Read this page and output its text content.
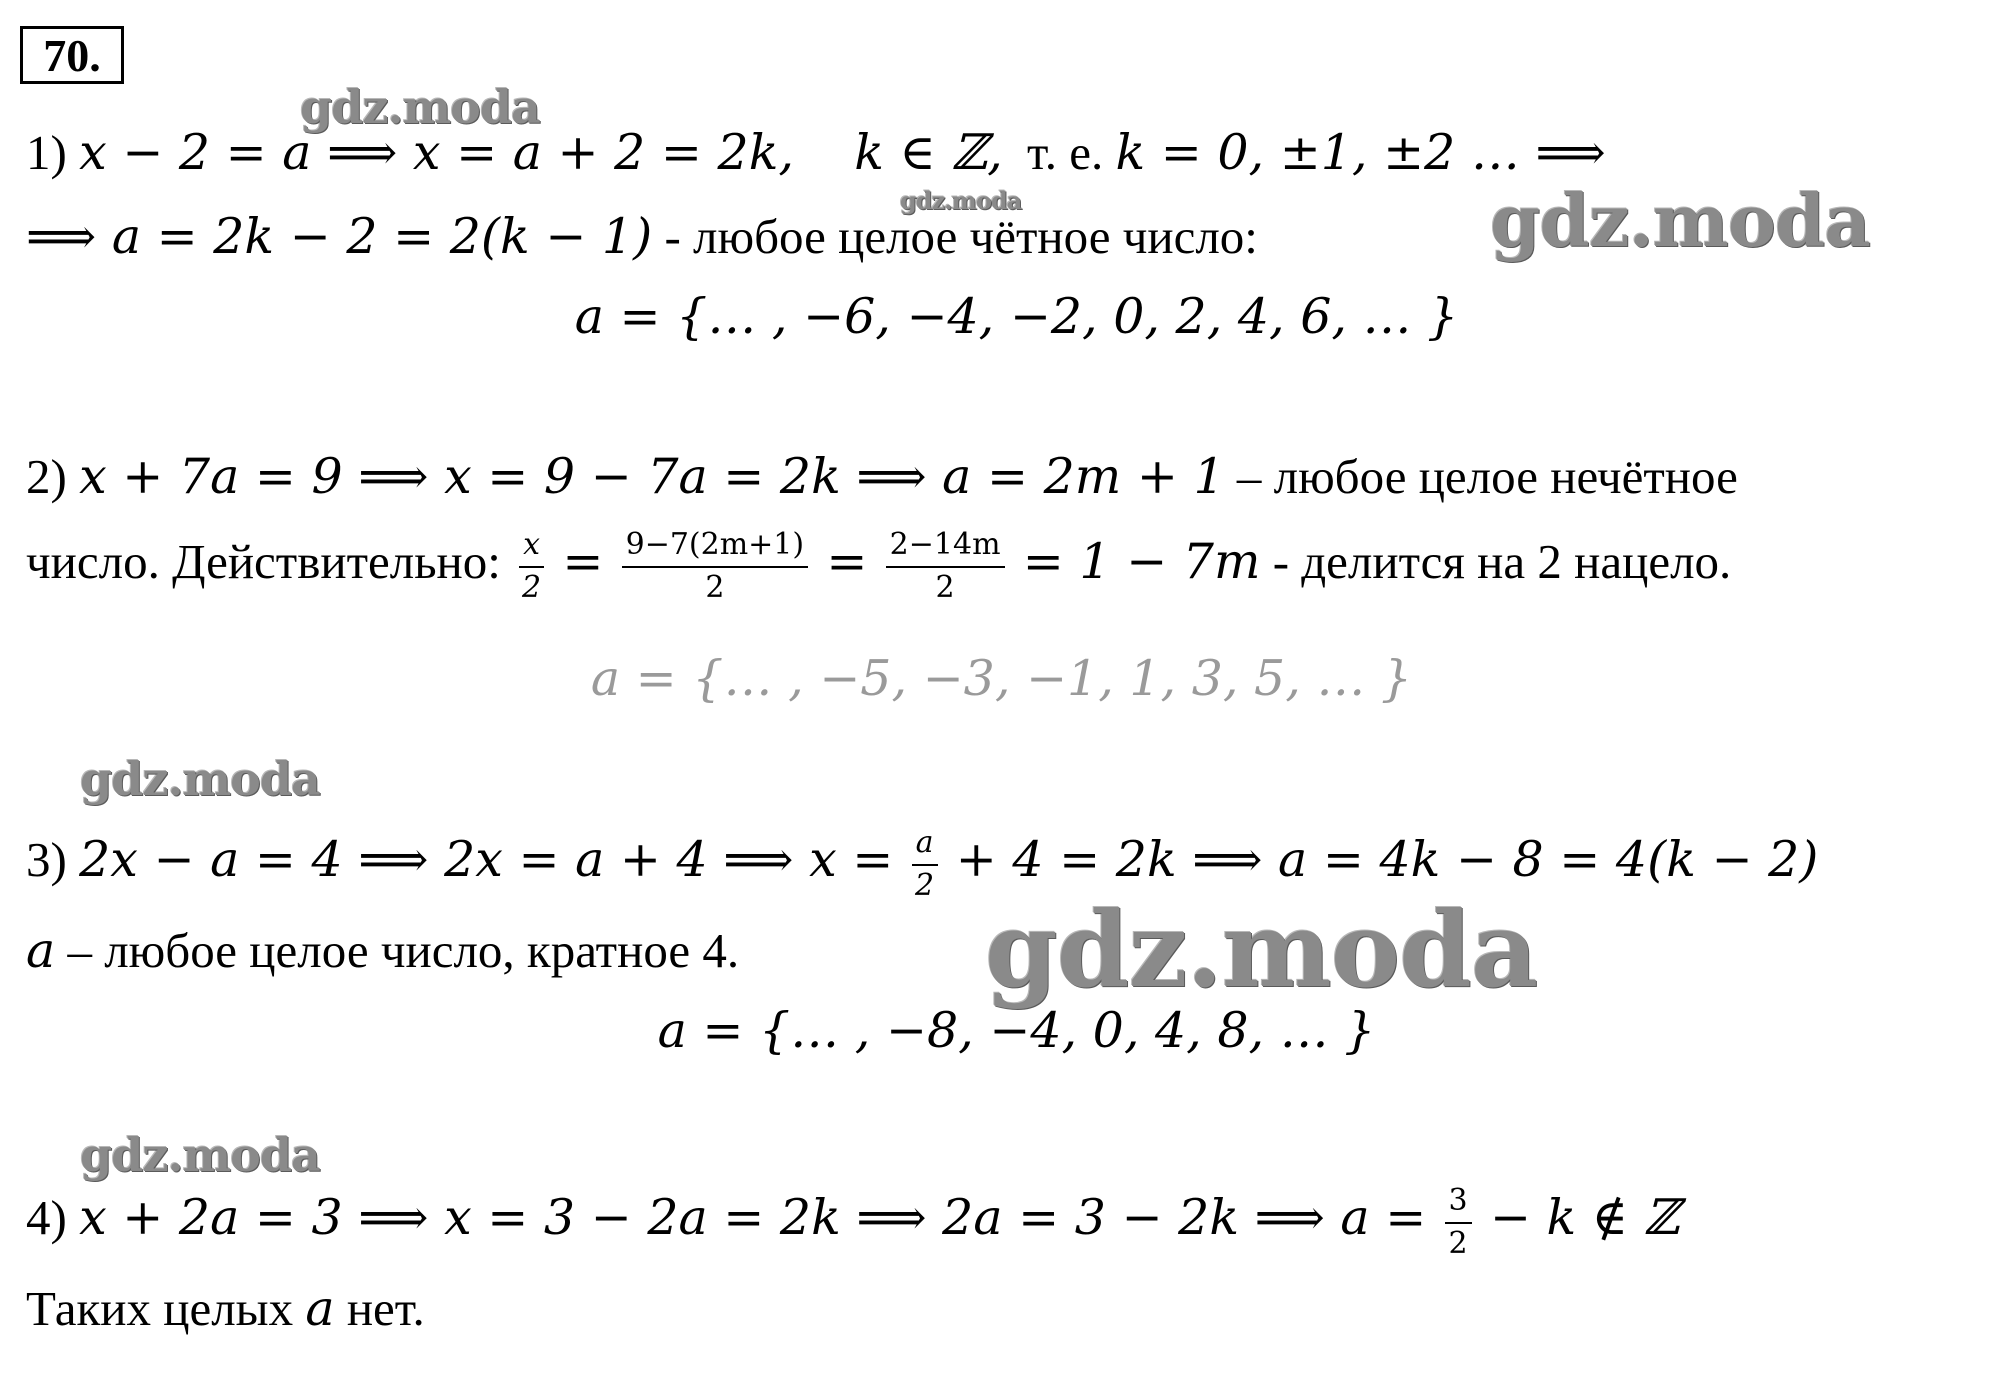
70.
gdz.moda
gdz.moda	gdz.moda
gdz.moda
gdz.moda
gdz.moda
1) x − 2 = a ⟹ x = a + 2 = 2k, k ∈ ℤ, т. е. k = 0, ±1, ±2 … ⟹
⟹ a = 2k − 2 = 2(k − 1) - любое целое чётное число:
a = {… , −6, −4, −2, 0, 2, 4, 6, … }
2) x + 7a = 9 ⟹ x = 9 − 7a = 2k ⟹ a = 2m + 1 – любое целое нечётное
число. Действительно: $\frac{x}{2} = \frac{9-7(2m+1)}{2} = \frac{2-14m}{2} = 1 - 7m$ - делится на 2 нацело.
a = {… , −5, −3, −1, 1, 3, 5, … }
3) 2x − a = 4 ⟹ 2x = a + 4 ⟹ $x = \frac{a}{2} + 4 = 2k$ ⟹ a = 4k − 8 = 4(k − 2)
a – любое целое число, кратное 4.
a = {… , −8, −4, 0, 4, 8, … }
4) x + 2a = 3 ⟹ x = 3 − 2a = 2k ⟹ 2a = 3 − 2k ⟹ $a = \frac{3}{2} - k$ ∉ ℤ
Таких целых a нет.
